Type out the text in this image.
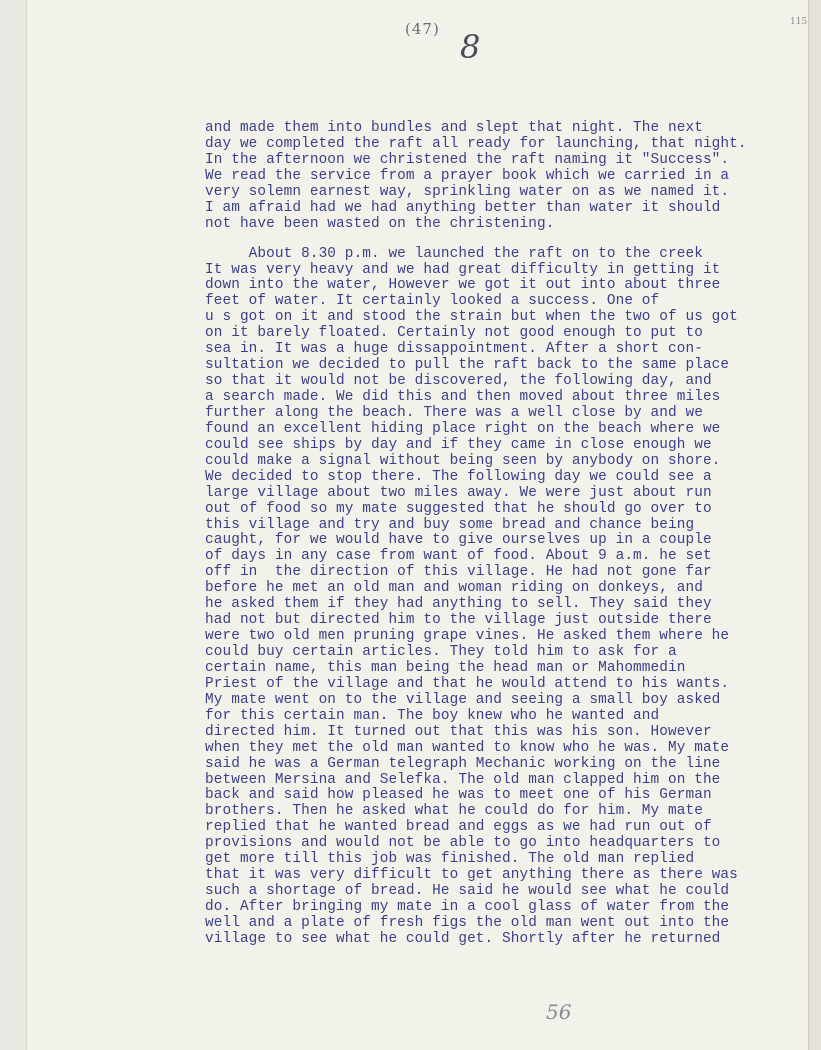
(47) 8
115
56
and made them into bundles and slept that night. The next
day we completed the raft all ready for launching, that night.
In the afternoon we christened the raft naming it "Success".
We read the service from a prayer book which we carried in a
very solemn earnest way, sprinkling water on as we named it.
I am afraid had we had anything better than water it should
not have been wasted on the christening.
About 8.30 p.m. we launched the raft on to the creek
It was very heavy and we had great difficulty in getting it
down into the water, However we got it out into about three
feet of water. It certainly looked a success. One of
u s got on it and stood the strain but when the two of us got
on it barely floated. Certainly not good enough to put to
sea in. It was a huge dissappointment. After a short con-
sultation we decided to pull the raft back to the same place
so that it would not be discovered, the following day, and
a search made. We did this and then moved about three miles
further along the beach. There was a well close by and we
found an excellent hiding place right on the beach where we
could see ships by day and if they came in close enough we
could make a signal without being seen by anybody on shore.
We decided to stop there. The following day we could see a
large village about two miles away. We were just about run
out of food so my mate suggested that he should go over to
this village and try and buy some bread and chance being
caught, for we would have to give ourselves up in a couple
of days in any case from want of food. About 9 a.m. he set
off in  the direction of this village. He had not gone far
before he met an old man and woman riding on donkeys, and
he asked them if they had anything to sell. They said they
had not but directed him to the village just outside there
were two old men pruning grape vines. He asked them where he
could buy certain articles. They told him to ask for a
certain name, this man being the head man or Mahommedin
Priest of the village and that he would attend to his wants.
My mate went on to the village and seeing a small boy asked
for this certain man. The boy knew who he wanted and
directed him. It turned out that this was his son. However
when they met the old man wanted to know who he was. My mate
said he was a German telegraph Mechanic working on the line
between Mersina and Selefka. The old man clapped him on the
back and said how pleased he was to meet one of his German
brothers. Then he asked what he could do for him. My mate
replied that he wanted bread and eggs as we had run out of
provisions and would not be able to go into headquarters to
get more till this job was finished. The old man replied
that it was very difficult to get anything there as there was
such a shortage of bread. He said he would see what he could
do. After bringing my mate in a cool glass of water from the
well and a plate of fresh figs the old man went out into the
village to see what he could get. Shortly after he returned
